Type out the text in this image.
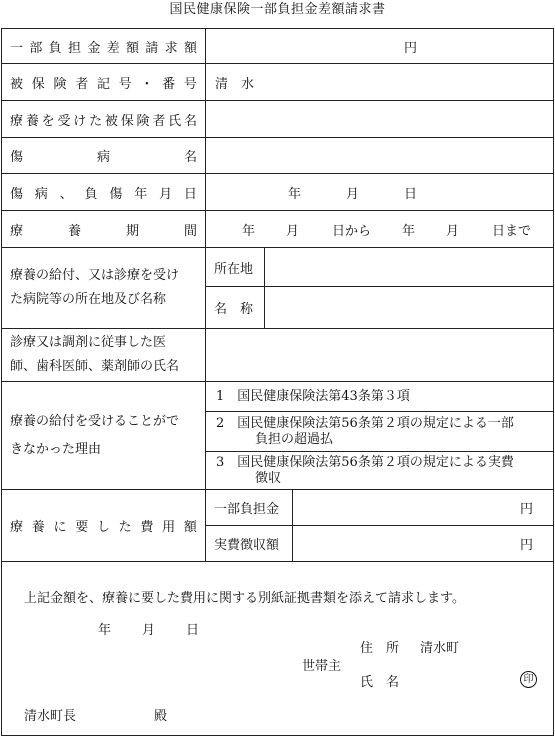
国民健康保険一部負担金差額請求書
一 部 負 担 金 差 額 請 求 額	円
被 保 険 者 記 号 ・ 番 号 清　水
療 養 を 受 け た 被 保 険 者 氏 名
傷	病	名
傷 病 、 負 傷 年 月 日	年	月	日
療	養	期	間	年 月	日から 年 月	日まで
療養の給付、又は診療を受け
た病院等の所在地及び名称
所在地
名　称
診療又は調剤に従事した医
師、歯科医師、薬剤師の氏名
療養の給付を受けることがで
きなかった理由
1　国民健康保険法第43条第３項
2　国民健康保険法第56条第２項の規定による一部
負担の超過払
3　国民健康保険法第56条第２項の規定による実費
徴収
療 養 に 要 し た 費 用 額
一部負担金	円
実費徴収額	円
上記金額を、療養に要した費用に関する別紙証拠書類を添えて請求します。
年 月 日
世帯主
住　所 清水町
氏　名	印
清水町長	殿
